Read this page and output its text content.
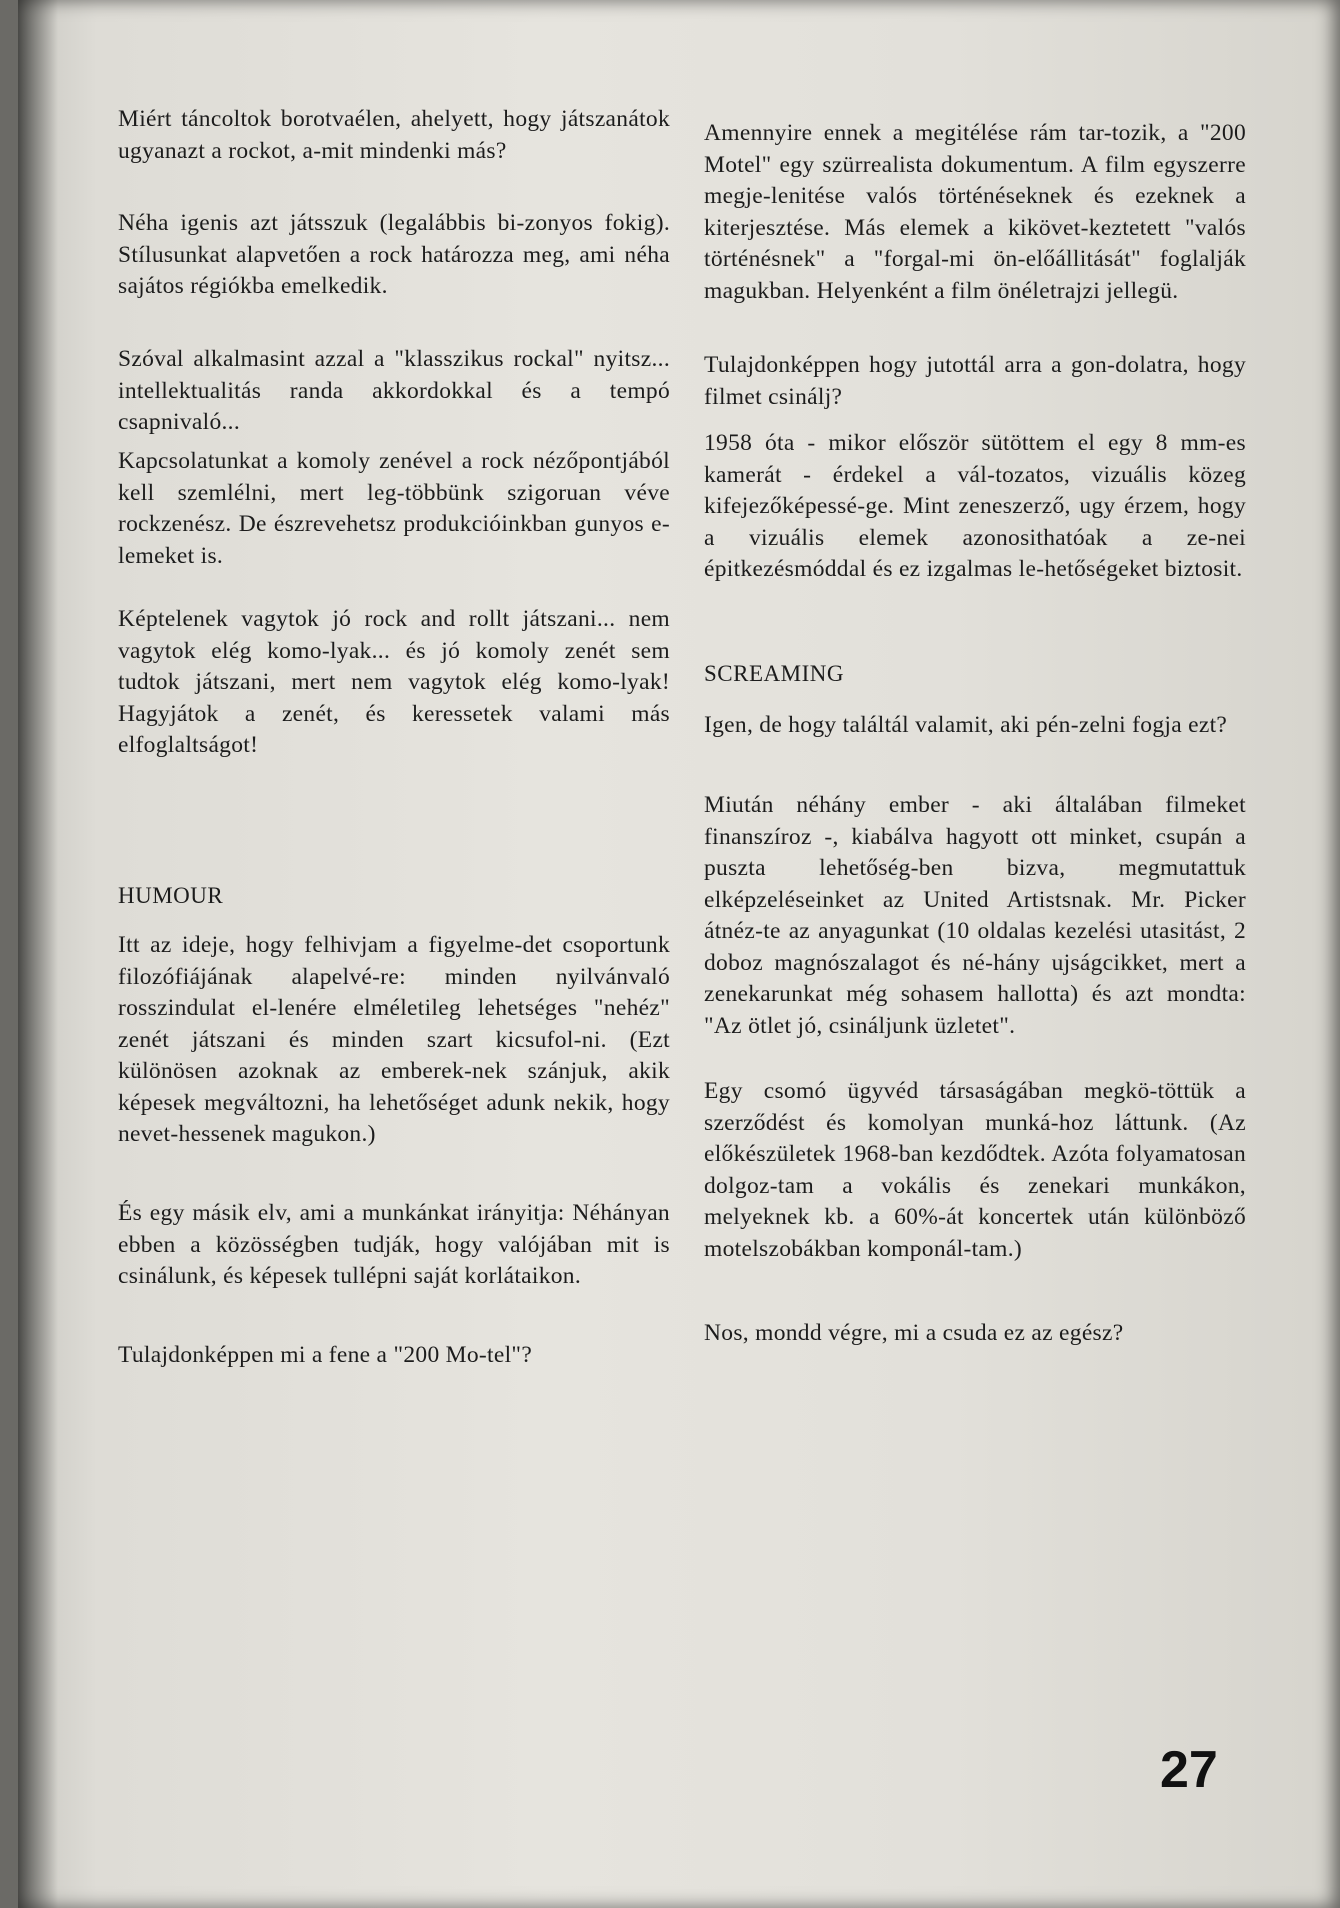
Miért táncoltok borotvaélen, ahelyett, hogy játszanátok ugyanazt a rockot, a-mit mindenki más?

Néha igenis azt játsszuk (legalábbis bi-zonyos fokig). Stílusunkat alapvetően a rock határozza meg, ami néha sajátos régiókba emelkedik.

Szóval alkalmasint azzal a "klasszikus rockal" nyitsz... intellektualitás randa akkordokkal és a tempó csapnivaló...

Kapcsolatunkat a komoly zenével a rock nézőpontjából kell szemlélni, mert leg-többünk szigoruan véve rockzenész. De észrevehetsz produkcióinkban gunyos e-lemeket is.

Képtelenek vagytok jó rock and rollt játszani... nem vagytok elég komo-lyak... és jó komoly zenét sem tudtok játszani, mert nem vagytok elég komo-lyak! Hagyjátok a zenét, és keressetek valami más elfoglaltságot!

HUMOUR

Itt az ideje, hogy felhivjam a figyelme-det csoportunk filozófiájának alapelvé-re: minden nyilvánvaló rosszindulat el-lenére elméletileg lehetséges "nehéz" zenét játszani és minden szart kicsufol-ni. (Ezt különösen azoknak az emberek-nek szánjuk, akik képesek megváltozni, ha lehetőséget adunk nekik, hogy nevet-hessenek magukon.)

És egy másik elv, ami a munkánkat irányitja: Néhányan ebben a közösségben tudják, hogy valójában mit is csinálunk, és képesek tullépni saját korlátaikon.

Tulajdonképpen mi a fene a "200 Mo-tel"?

Amennyire ennek a megitélése rám tar-tozik, a "200 Motel" egy szürrealista dokumentum. A film egyszerre megje-lenitése valós történéseknek és ezeknek a kiterjesztése. Más elemek a kikövet-keztetett "valós történésnek" a "forgal-mi ön-előállitását" foglalják magukban. Helyenként a film önéletrajzi jellegü.

Tulajdonképpen hogy jutottál arra a gon-dolatra, hogy filmet csinálj?

1958 óta - mikor először sütöttem el egy 8 mm-es kamerát - érdekel a vál-tozatos, vizuális közeg kifejezőképessé-ge. Mint zeneszerző, ugy érzem, hogy a vizuális elemek azonosithatóak a ze-nei épitkezésmóddal és ez izgalmas le-hetőségeket biztosit.

SCREAMING

Igen, de hogy találtál valamit, aki pén-zelni fogja ezt?

Miután néhány ember - aki általában filmeket finanszíroz -, kiabálva hagyott ott minket, csupán a puszta lehetőség-ben bizva, megmutattuk elképzeléseinket az United Artistsnak. Mr. Picker átnéz-te az anyagunkat (10 oldalas kezelési utasitást, 2 doboz magnószalagot és né-hány ujságcikket, mert a zenekarunkat még sohasem hallotta) és azt mondta: "Az ötlet jó, csináljunk üzletet".

Egy csomó ügyvéd társaságában megkö-töttük a szerződést és komolyan munká-hoz láttunk. (Az előkészületek 1968-ban kezdődtek. Azóta folyamatosan dolgoz-tam a vokális és zenekari munkákon, melyeknek kb. a 60%-át koncertek után különböző motelszobákban komponál-tam.)

Nos, mondd végre, mi a csuda ez az egész?

27
